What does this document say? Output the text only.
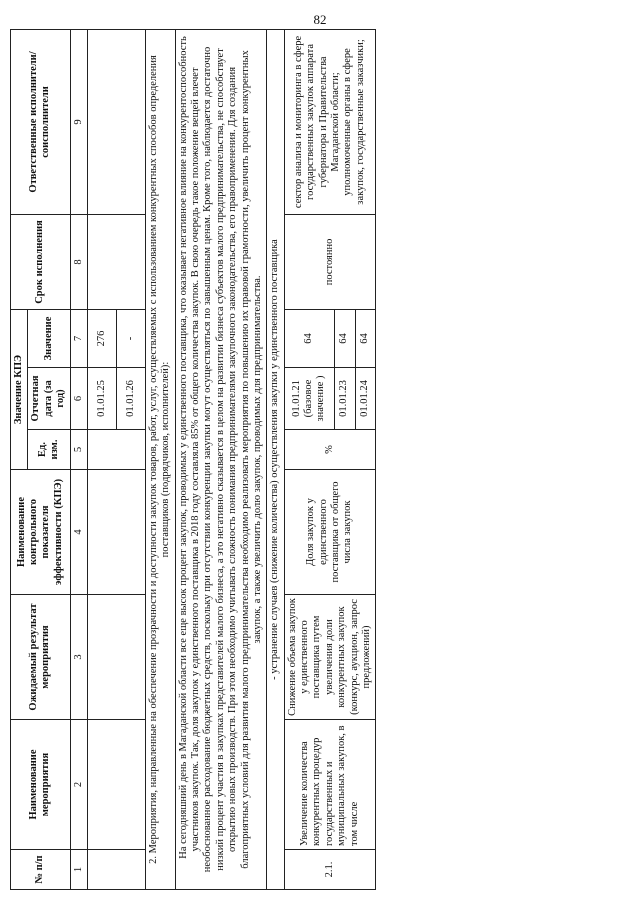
82
№ п/п	Наименование мероприятия	Ожидаемый результат мероприятия	Наименование контрольного показателя эффективности (КПЭ)	Значение КПЭ			Срок исполнения	Ответственные исполнители/ соисполнители
				Ед. изм.	Отчетная дата (за год)	Значение		
1	2	3	4	5	6	7	8	9
					01.01.25	276		
					01.01.26	-		
2. Мероприятия, направленные на обеспечение прозрачности и доступности закупок товаров, работ, услуг, осуществляемых с использованием конкурентных способов определения поставщиков (подрядчиков, исполнителей):								
На сегодняшний день в Магаданской области все еще высок процент закупок, проводимых у единственного поставщика, что оказывает негативное влияние на конкурентоспособность участников закупок. Так, доля закупок у единственного поставщика в 2018 году составляла 85% от общего количества закупок. В свою очередь такое положение вещей влечет необоснованное расходование бюджетных средств, поскольку при отсутствии конкуренции закупки могут осуществляться по завышенным ценам. Кроме того, наблюдается достаточно низкий процент участия в закупках представителей малого бизнеса, а это негативно сказывается в целом на развитии бизнеса субъектов малого предпринимательства, не способствует открытию новых производств. При этом необходимо учитывать сложность понимания предпринимателями закупочного законодательства, его правоприменения. Для создания благоприятных условий для развития малого предпринимательства необходимо реализовать мероприятия по повышению их правовой грамотности, увеличить процент конкурентных закупок, а также увеличить долю закупок, проводимых для предпринимательства.								
- устранение случаев (снижение количества) осуществления закупки у единственного поставщика								
2.1.	Увеличение количества конкурентных процедур государственных и муниципальных закупок, в том числе	Снижение объема закупок у единственного поставщика путем увеличения доли конкурентных закупок (конкурс, аукцион, запрос предложений)	Доля закупок у единственного поставщика от общего числа закупок	%	01.01.21 (базовое значение )	64	постоянно	сектор анализа и мониторинга в сфере государственных закупок аппарата губернатора и Правительства Магаданской области; уполномоченные органы в сфере закупок, государственные заказчики;
					01.01.23	64		
					01.01.24	64		
